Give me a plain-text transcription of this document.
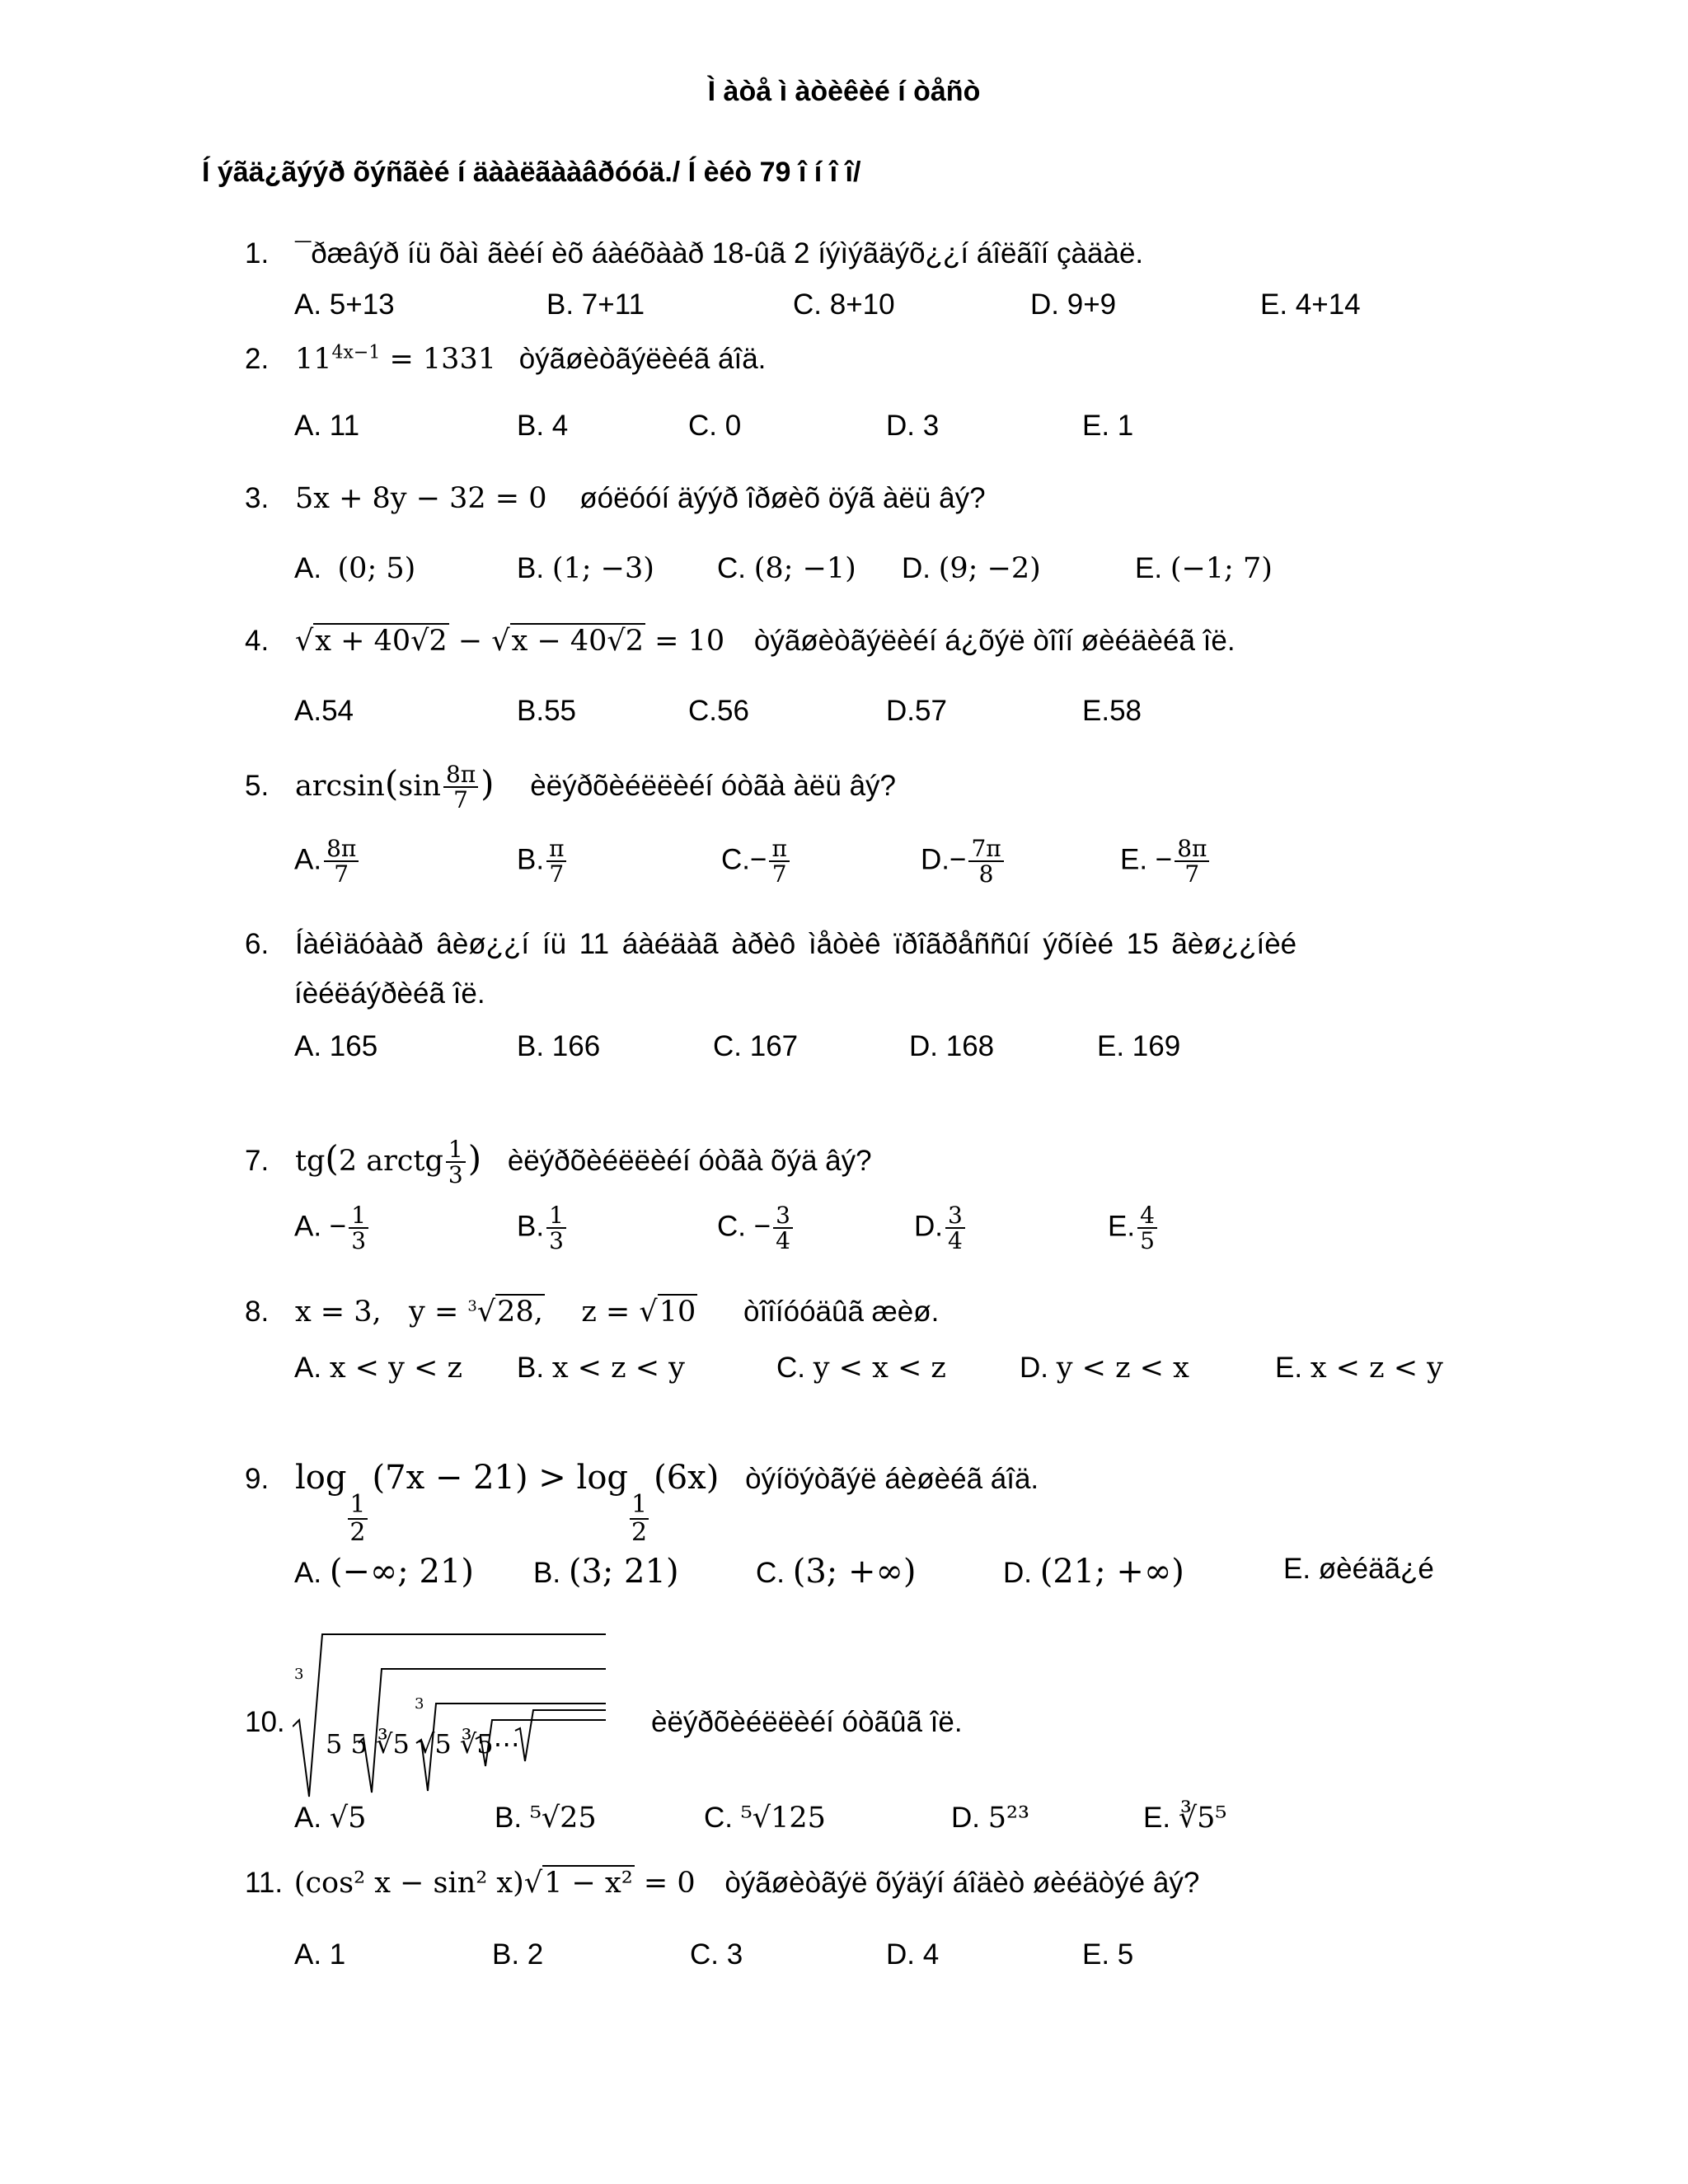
Ì àòå ì àòèêèé í òåñò
Í ýãä¿ãýýð õýñãèé í äààëãààâðóóä./ Í èéò 79 î í î î/
1. ¯ðæâýð íü õàì ãèéí èõ áàéõààð 18-ûã 2 íýìýãäýõ¿¿í áîëãîí çàäàë.
A. 5+13	B. 7+11	C. 8+10	D. 9+9	E. 4+14
2. $11^{4x-1} = 1331$ òýãøèòãýëèéã áîä.
A. 11	B. 4	C. 0	D. 3	E. 1
3. 5x + 8y − 32 = 0 øóëóóí äýýð îðøèõ öýã àëü âý?
A. (0; 5)	B. (1; −3) C. (8; −1) D. (9; −2)	E. (−1; 7)
4. √x + 40√2 − √x − 40√2 = 10 òýãøèòãýëèéí á¿õýë òîîí øèéäèéã îë.
A.54	B.55	C.56	D.57	E.58
5. $\arcsin(\sin \frac{8\pi}{7}$ ) èëýðõèéëëèéí óòãà àëü âý?
A. $\frac{8\pi}{7}$	B. $\frac{\pi}{7}$	$C.- \frac{\pi}{7}$	$D.- \frac{7\pi}{8}$	E. − $\frac{8\pi}{7}$
6. Íàéìäóààð âèø¿¿í íü 11 áàéäàã àðèô ìåòèê ïðîãðåññûí ýõíèé 15 ãèø¿¿íèé
íèéëáýðèéã îë.
A. 165	B. 166	C. 167	D. 168	E. 169
7. tg(2 arctg $\frac{1}{3}$ ) èëýðõèéëëèéí óòãà õýä âý?
A. − $\frac{1}{3}$	B. $\frac{1}{3}$	C. − $\frac{3}{4}$	D. $\frac{3}{4}$	E. $\frac{4}{5}$
8. x = 3, y = $^3$√28, z = √10 òîîíóóäûã æèø.
A. x < y < z B. x < z < y	C. y < x < z	D. y < z < x	E. x < z < y
9. log
$\frac{1}{2}$
(7x − 21) > log
$\frac{1}{2}$
(6x) òýíöýòãýë áèøèéã áîä.
A. (−∞; 21) B. (3; 21)	C. (3; +∞)	D. (21; +∞)	E. øèéäã¿é
10.
3
3
5 5 ∛5 √5 ∛5⋯
èëýðõèéëëèéí óòãûã îë.
A. √5	B. ⁵√25	C. ⁵√125	D. 5²³	E. ∛5⁵
11. (cos² x − sin² x)√1 − x² = 0 òýãøèòãýë õýäýí áîäèò øèéäòýé âý?
A. 1	B. 2	C. 3	D. 4	E. 5
